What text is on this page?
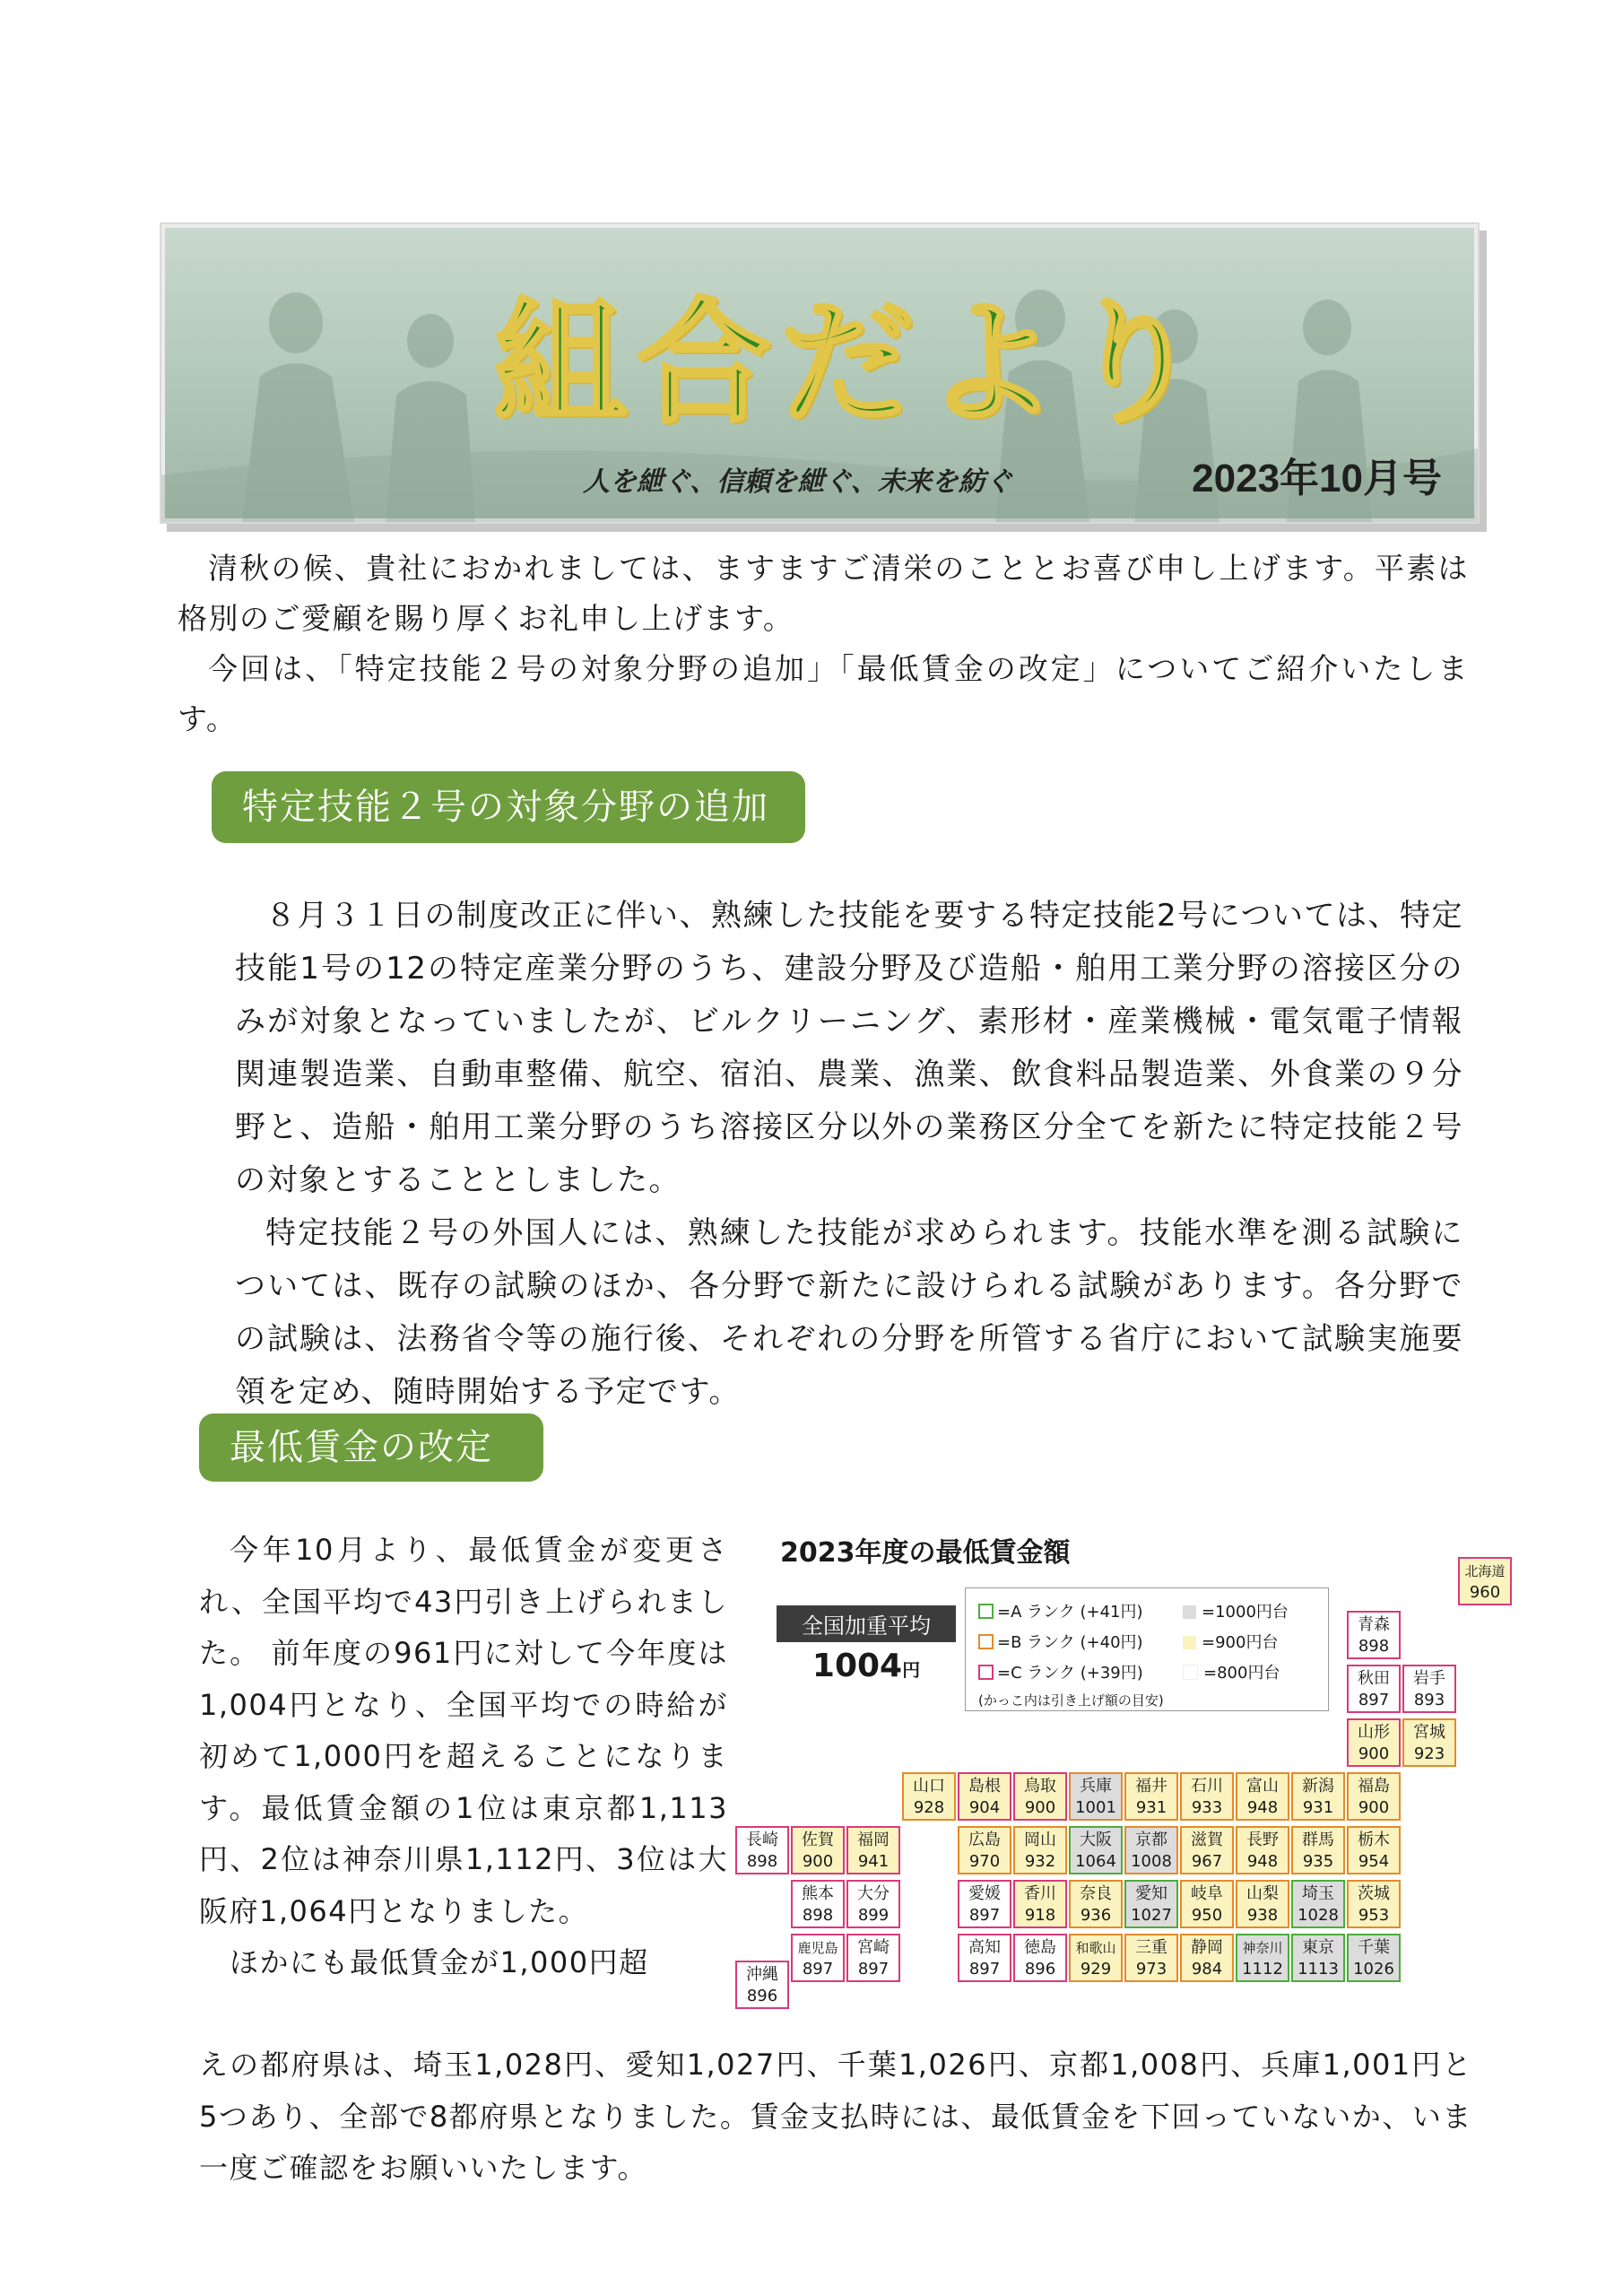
組合だより
人を紲ぐ、信頼を紲ぐ、未来を紡ぐ	2023年10月号

清秋の候、貴社におかれましては、ますますご清栄のこととお喜び申し上げます。平素は格別のご愛顧を賜り厚くお礼申し上げます。

今回は、「特定技能２号の対象分野の追加」「最低賃金の改定」についてご紹介いたします。

特定技能２号の対象分野の追加

８月３１日の制度改正に伴い、熟練した技能を要する特定技能2号については、特定技能1号の12の特定産業分野のうち、建設分野及び造船・舶用工業分野の溶接区分のみが対象となっていましたが、ビルクリーニング、素形材・産業機械・電気電子情報関連製造業、自動車整備、航空、宿泊、農業、漁業、飲食料品製造業、外食業の９分野と、造船・舶用工業分野のうち溶接区分以外の業務区分全てを新たに特定技能２号の対象とすることとしました。

特定技能２号の外国人には、熟練した技能が求められます。技能水準を測る試験については、既存の試験のほか、各分野で新たに設けられる試験があります。各分野での試験は、法務省令等の施行後、それぞれの分野を所管する省庁において試験実施要領を定め、随時開始する予定です。

最低賃金の改定

今年10月より、最低賃金が変更され、全国平均で43円引き上げられました。 前年度の961円に対して今年度は1,004円となり、全国平均での時給が初めて1,000円を超えることになります。最低賃金額の1位は東京都1,113円、2位は神奈川県1,112円、3位は大阪府1,064円となりました。

ほかにも最低賃金が1,000円超

えの都府県は、埼玉1,028円、愛知1,027円、千葉1,026円、京都1,008円、兵庫1,001円と5つあり、全部で8都府県となりました。賃金支払時には、最低賃金を下回っていないか、いま一度ご確認をお願いいたします。
2023年度の最低賃金額
全国加重平均
1004円
=A ランク (+41円)
=B ランク (+40円)
=C ランク (+39円)
=1000円台
=900円台
=800円台
(かっこ内は引き上げ額の目安)
北海道
960
青森
898
秋田
897
岩手
893
山形
900
宮城
923
山口
928
島根
904
鳥取
900
兵庫
1001
福井
931
石川
933
富山
948
新潟
931
福島
900
長崎
898
佐賀
900
福岡
941
広島
970
岡山
932
大阪
1064
京都
1008
滋賀
967
長野
948
群馬
935
栃木
954
熊本
898
大分
899
愛媛
897
香川
918
奈良
936
愛知
1027
岐阜
950
山梨
938
埼玉
1028
茨城
953
沖縄
896
鹿児島
897
宮崎
897
高知
897
徳島
896
和歌山
929
三重
973
静岡
984
神奈川
1112
東京
1113
千葉
1026
